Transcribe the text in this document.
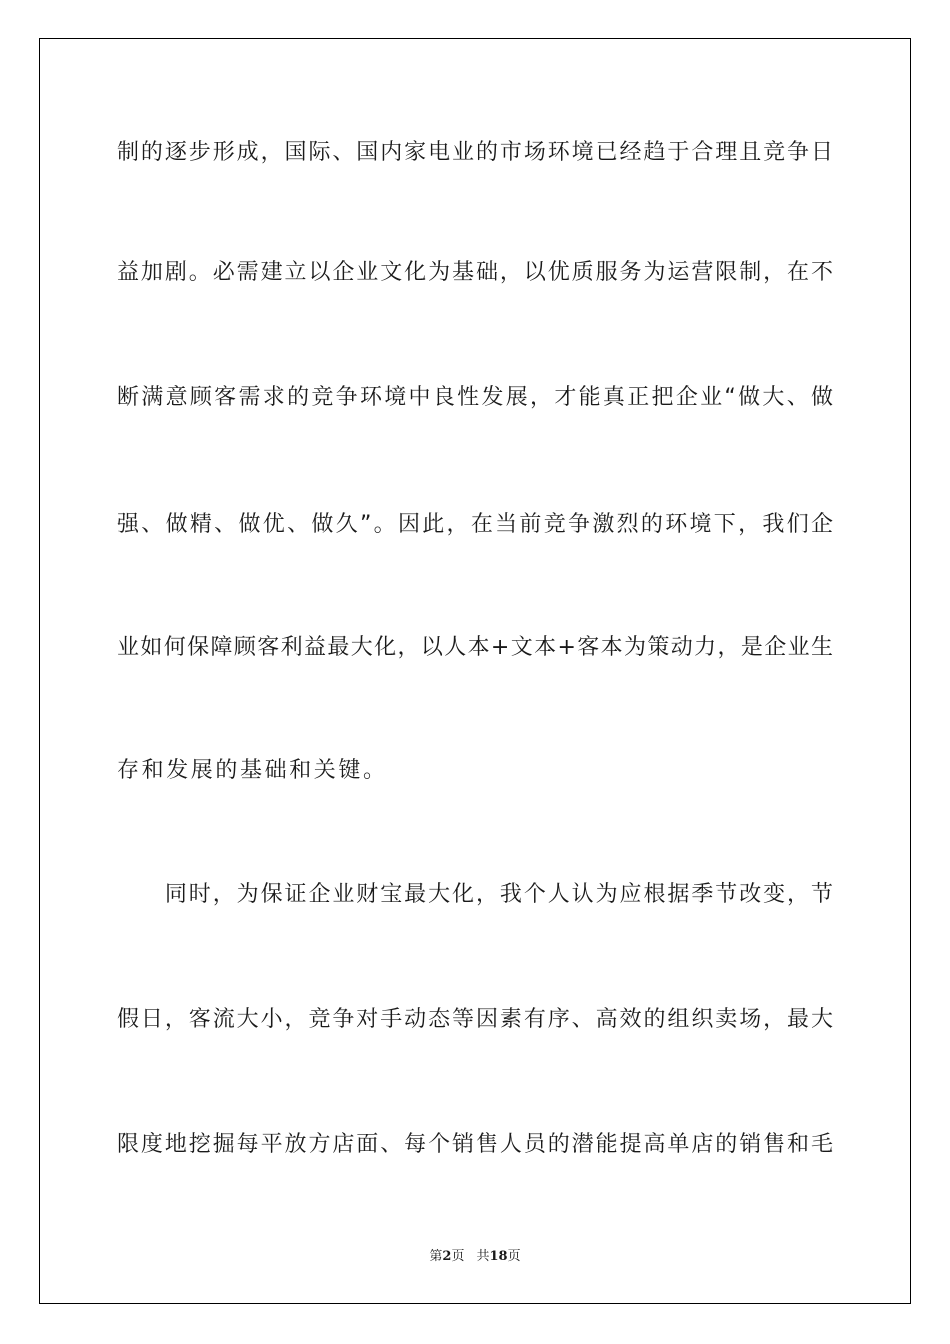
制的逐步形成，国际、国内家电业的市场环境已经趋于合理且竞争日
益加剧。必需建立以企业文化为基础，以优质服务为运营限制，在不
断满意顾客需求的竞争环境中良性发展，才能真正把企业“做大、做
强、做精、做优、做久”。因此，在当前竞争激烈的环境下，我们企
业如何保障顾客利益最大化，以人本+文本+客本为策动力，是企业生
存和发展的基础和关键。
　　同时，为保证企业财宝最大化，我个人认为应根据季节改变，节
假日，客流大小，竞争对手动态等因素有序、高效的组织卖场，最大
限度地挖掘每平放方店面、每个销售人员的潜能提高单店的销售和毛
第2页 共18页
